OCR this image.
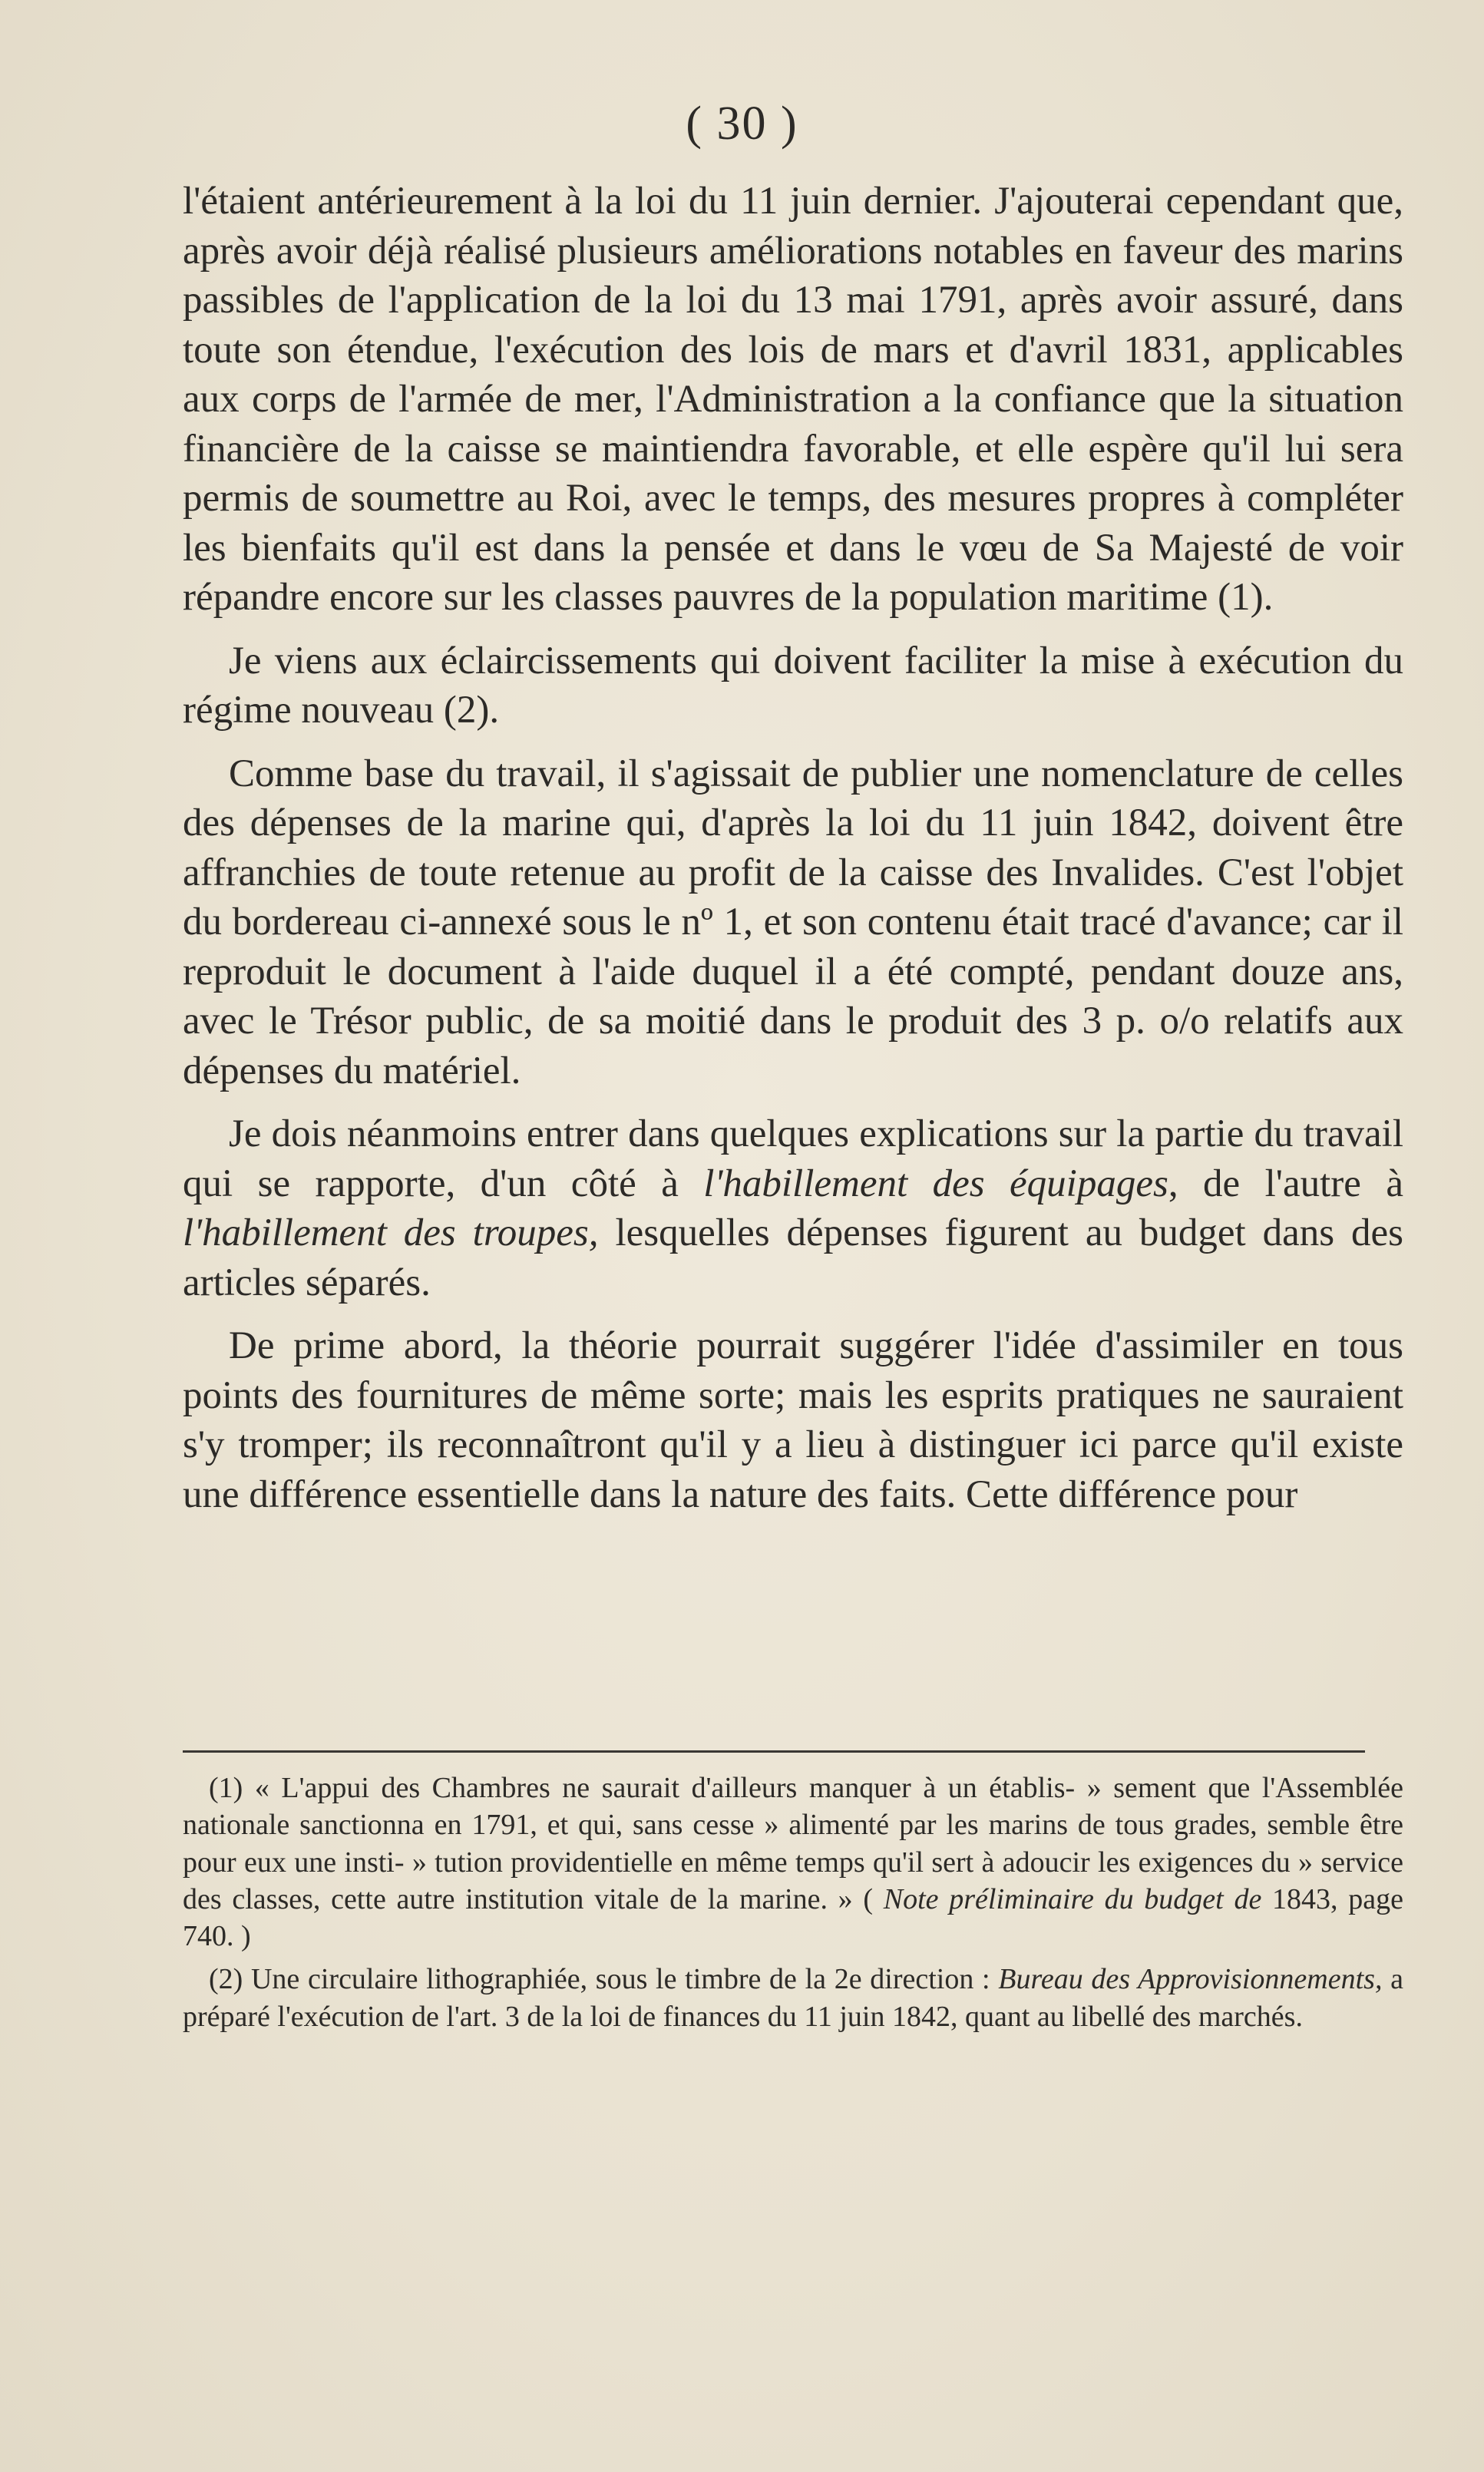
( 30 )

l'étaient antérieurement à la loi du 11 juin dernier. J'ajouterai cependant que, après avoir déjà réalisé plusieurs améliorations notables en faveur des marins passibles de l'application de la loi du 13 mai 1791, après avoir assuré, dans toute son étendue, l'exécution des lois de mars et d'avril 1831, applicables aux corps de l'armée de mer, l'Administration a la confiance que la situation financière de la caisse se maintiendra favorable, et elle espère qu'il lui sera permis de soumettre au Roi, avec le temps, des mesures propres à compléter les bienfaits qu'il est dans la pensée et dans le vœu de Sa Majesté de voir répandre encore sur les classes pauvres de la population maritime (1).

Je viens aux éclaircissements qui doivent faciliter la mise à exécution du régime nouveau (2).

Comme base du travail, il s'agissait de publier une nomenclature de celles des dépenses de la marine qui, d'après la loi du 11 juin 1842, doivent être affranchies de toute retenue au profit de la caisse des Invalides. C'est l'objet du bordereau ci-annexé sous le nº 1, et son contenu était tracé d'avance; car il reproduit le document à l'aide duquel il a été compté, pendant douze ans, avec le Trésor public, de sa moitié dans le produit des 3 p. o/o relatifs aux dépenses du matériel.

Je dois néanmoins entrer dans quelques explications sur la partie du travail qui se rapporte, d'un côté à l'habillement des équipages, de l'autre à l'habillement des troupes, lesquelles dépenses figurent au budget dans des articles séparés.

De prime abord, la théorie pourrait suggérer l'idée d'assimiler en tous points des fournitures de même sorte; mais les esprits pratiques ne sauraient s'y tromper; ils reconnaîtront qu'il y a lieu à distinguer ici parce qu'il existe une différence essentielle dans la nature des faits. Cette différence pour

(1) « L'appui des Chambres ne saurait d'ailleurs manquer à un établis- » sement que l'Assemblée nationale sanctionna en 1791, et qui, sans cesse » alimenté par les marins de tous grades, semble être pour eux une insti- » tution providentielle en même temps qu'il sert à adoucir les exigences du » service des classes, cette autre institution vitale de la marine. » ( Note préliminaire du budget de 1843, page 740. )

(2) Une circulaire lithographiée, sous le timbre de la 2e direction : Bureau des Approvisionnements, a préparé l'exécution de l'art. 3 de la loi de finances du 11 juin 1842, quant au libellé des marchés.
